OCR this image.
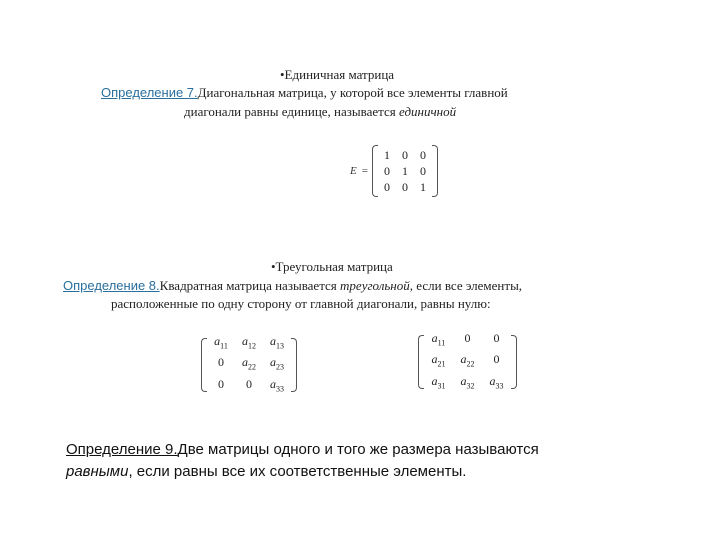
•Единичная матрица
Определение 7.Диагональная матрица, у которой все элементы главной
диагонали равны единице, называется единичной
E =
1	0	0
0	1	0
0	0	1
•Треугольная матрица
Определение 8.Квадратная матрица называется треугольной, если все элементы,
расположенные по одну сторону от главной диагонали, равны нулю:
$a_{11}$	$a_{12}$	$a_{13}$
0	$a_{22}$	$a_{23}$
0	0	$a_{33}$
$a_{11}$	0	0
$a_{21}$	$a_{22}$	0
$a_{31}$	$a_{32}$	$a_{33}$
Определение 9.Две матрицы одного и того же размера называются
равными, если равны все их соответственные элементы.
